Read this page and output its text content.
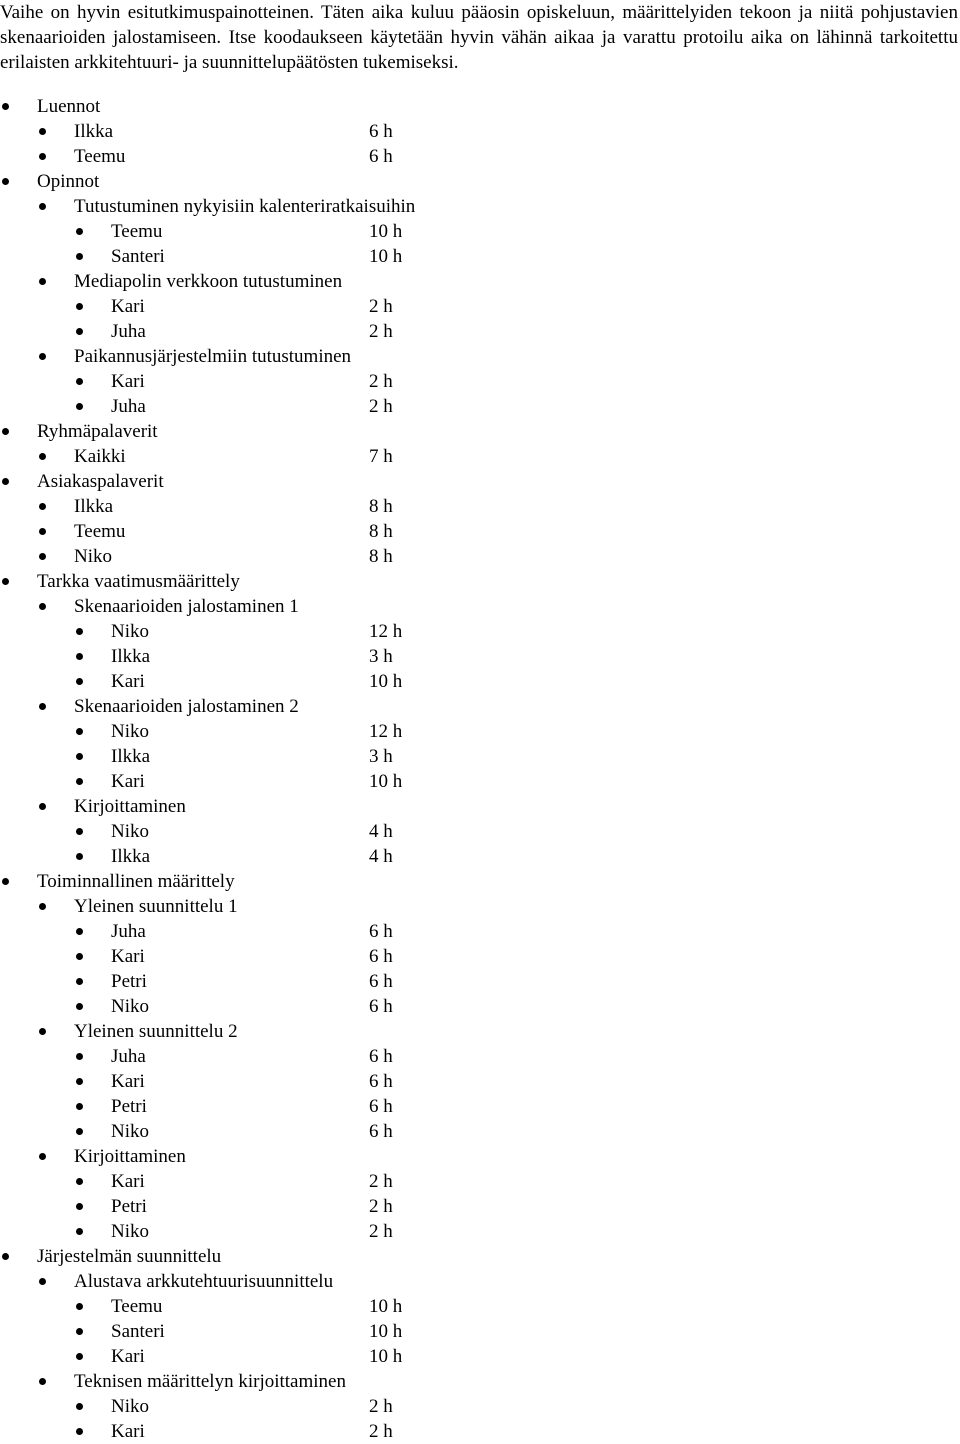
Vaihe on hyvin esitutkimuspainotteinen. Täten aika kuluu pääosin opiskeluun, määrittelyiden tekoon ja niitä pohjustavien skenaarioiden jalostamiseen. Itse koodaukseen käytetään hyvin vähän aikaa ja varattu protoilu aika on lähinnä tarkoitettu erilaisten arkkitehtuuri- ja suunnittelupäätösten tukemiseksi.

Luennot
Ilkka	6 h
Teemu	6 h
Opinnot
Tutustuminen nykyisiin kalenteriratkaisuihin
Teemu	10 h
Santeri	10 h
Mediapolin verkkoon tutustuminen
Kari	2 h
Juha	2 h
Paikannusjärjestelmiin tutustuminen
Kari	2 h
Juha	2 h
Ryhmäpalaverit
Kaikki	7 h
Asiakaspalaverit
Ilkka	8 h
Teemu	8 h
Niko	8 h
Tarkka vaatimusmäärittely
Skenaarioiden jalostaminen 1
Niko	12 h
Ilkka	3 h
Kari	10 h
Skenaarioiden jalostaminen 2
Niko	12 h
Ilkka	3 h
Kari	10 h
Kirjoittaminen
Niko	4 h
Ilkka	4 h
Toiminnallinen määrittely
Yleinen suunnittelu 1
Juha	6 h
Kari	6 h
Petri	6 h
Niko	6 h
Yleinen suunnittelu 2
Juha	6 h
Kari	6 h
Petri	6 h
Niko	6 h
Kirjoittaminen
Kari	2 h
Petri	2 h
Niko	2 h
Järjestelmän suunnittelu
Alustava arkkutehtuurisuunnittelu
Teemu	10 h
Santeri	10 h
Kari	10 h
Teknisen määrittelyn kirjoittaminen
Niko	2 h
Kari	2 h
